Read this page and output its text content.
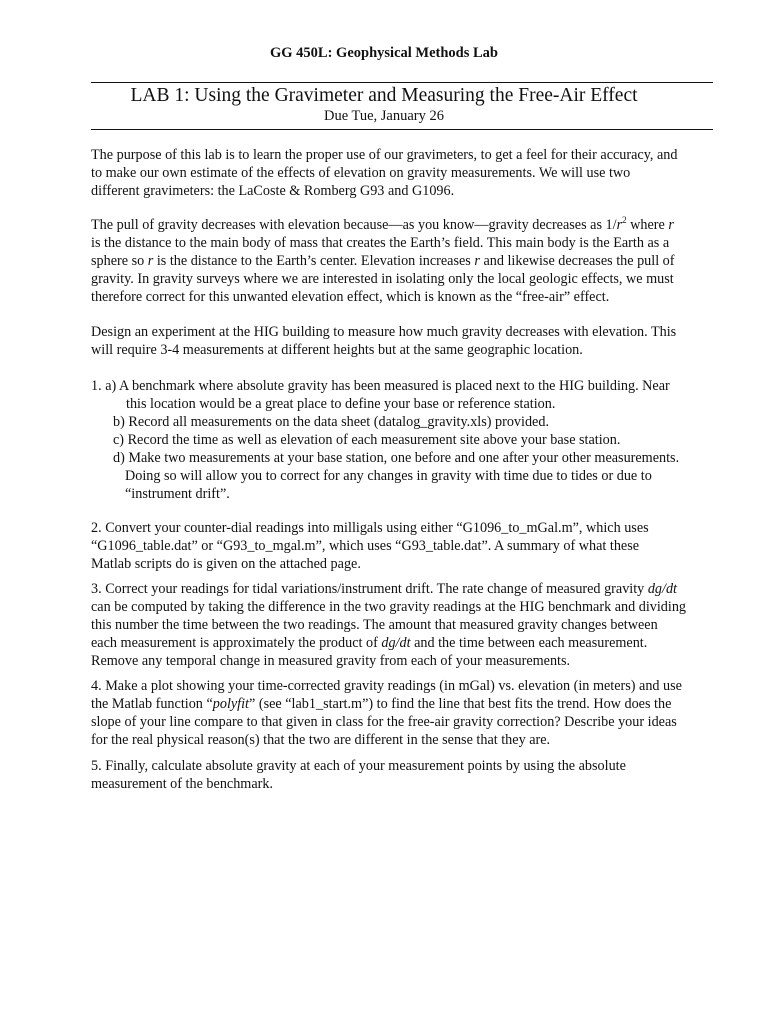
GG 450L: Geophysical Methods Lab
LAB 1: Using the Gravimeter and Measuring the Free-Air Effect
Due Tue, January 26
The purpose of this lab is to learn the proper use of our gravimeters, to get a feel for their accuracy, and
to make our own estimate of the effects of elevation on gravity measurements. We will use two
different gravimeters: the LaCoste & Romberg G93 and G1096.
The pull of gravity decreases with elevation because—as you know—gravity decreases as $1/r^2$ where r
is the distance to the main body of mass that creates the Earth’s field. This main body is the Earth as a
sphere so r is the distance to the Earth’s center. Elevation increases r and likewise decreases the pull of
gravity. In gravity surveys where we are interested in isolating only the local geologic effects, we must
therefore correct for this unwanted elevation effect, which is known as the “free-air” effect.
Design an experiment at the HIG building to measure how much gravity decreases with elevation. This
will require 3-4 measurements at different heights but at the same geographic location.
1. a) A benchmark where absolute gravity has been measured is placed next to the HIG building. Near
this location would be a great place to define your base or reference station.
b) Record all measurements on the data sheet (datalog_gravity.xls) provided.
c) Record the time as well as elevation of each measurement site above your base station.
d) Make two measurements at your base station, one before and one after your other measurements.
Doing so will allow you to correct for any changes in gravity with time due to tides or due to
“instrument drift”.
2. Convert your counter-dial readings into milligals using either “G1096_to_mGal.m”, which uses
“G1096_table.dat” or “G93_to_mgal.m”, which uses “G93_table.dat”. A summary of what these
Matlab scripts do is given on the attached page.
3. Correct your readings for tidal variations/instrument drift. The rate change of measured gravity dg/dt
can be computed by taking the difference in the two gravity readings at the HIG benchmark and dividing
this number the time between the two readings. The amount that measured gravity changes between
each measurement is approximately the product of dg/dt and the time between each measurement.
Remove any temporal change in measured gravity from each of your measurements.
4. Make a plot showing your time-corrected gravity readings (in mGal) vs. elevation (in meters) and use
the Matlab function “polyfit” (see “lab1_start.m”) to find the line that best fits the trend. How does the
slope of your line compare to that given in class for the free-air gravity correction? Describe your ideas
for the real physical reason(s) that the two are different in the sense that they are.
5. Finally, calculate absolute gravity at each of your measurement points by using the absolute
measurement of the benchmark.
